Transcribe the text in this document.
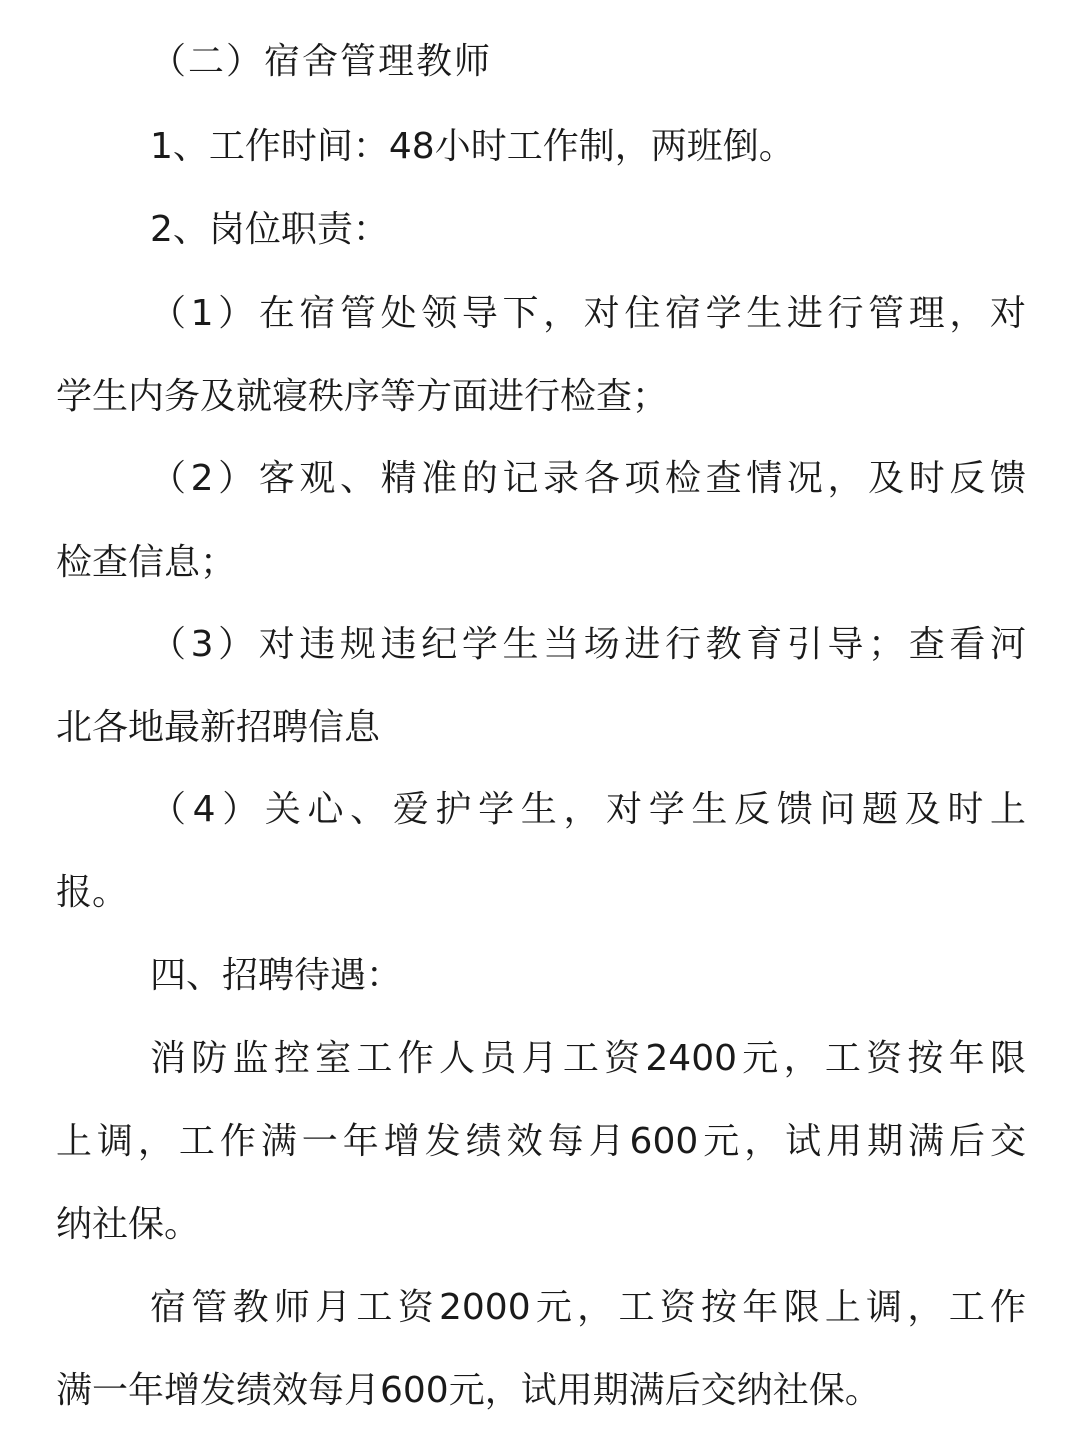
（二）宿舍管理教师
1、工作时间：48小时工作制，两班倒。
2、岗位职责：
（1）在宿管处领导下，对住宿学生进行管理，对
学生内务及就寝秩序等方面进行检查；
（2）客观、精准的记录各项检查情况，及时反馈
检查信息；
（3）对违规违纪学生当场进行教育引导；查看河
北各地最新招聘信息
（4）关心、爱护学生，对学生反馈问题及时上
报。
四、招聘待遇：
消防监控室工作人员月工资2400元，工资按年限
上调，工作满一年增发绩效每月600元，试用期满后交
纳社保。
宿管教师月工资2000元，工资按年限上调，工作
满一年增发绩效每月600元，试用期满后交纳社保。
